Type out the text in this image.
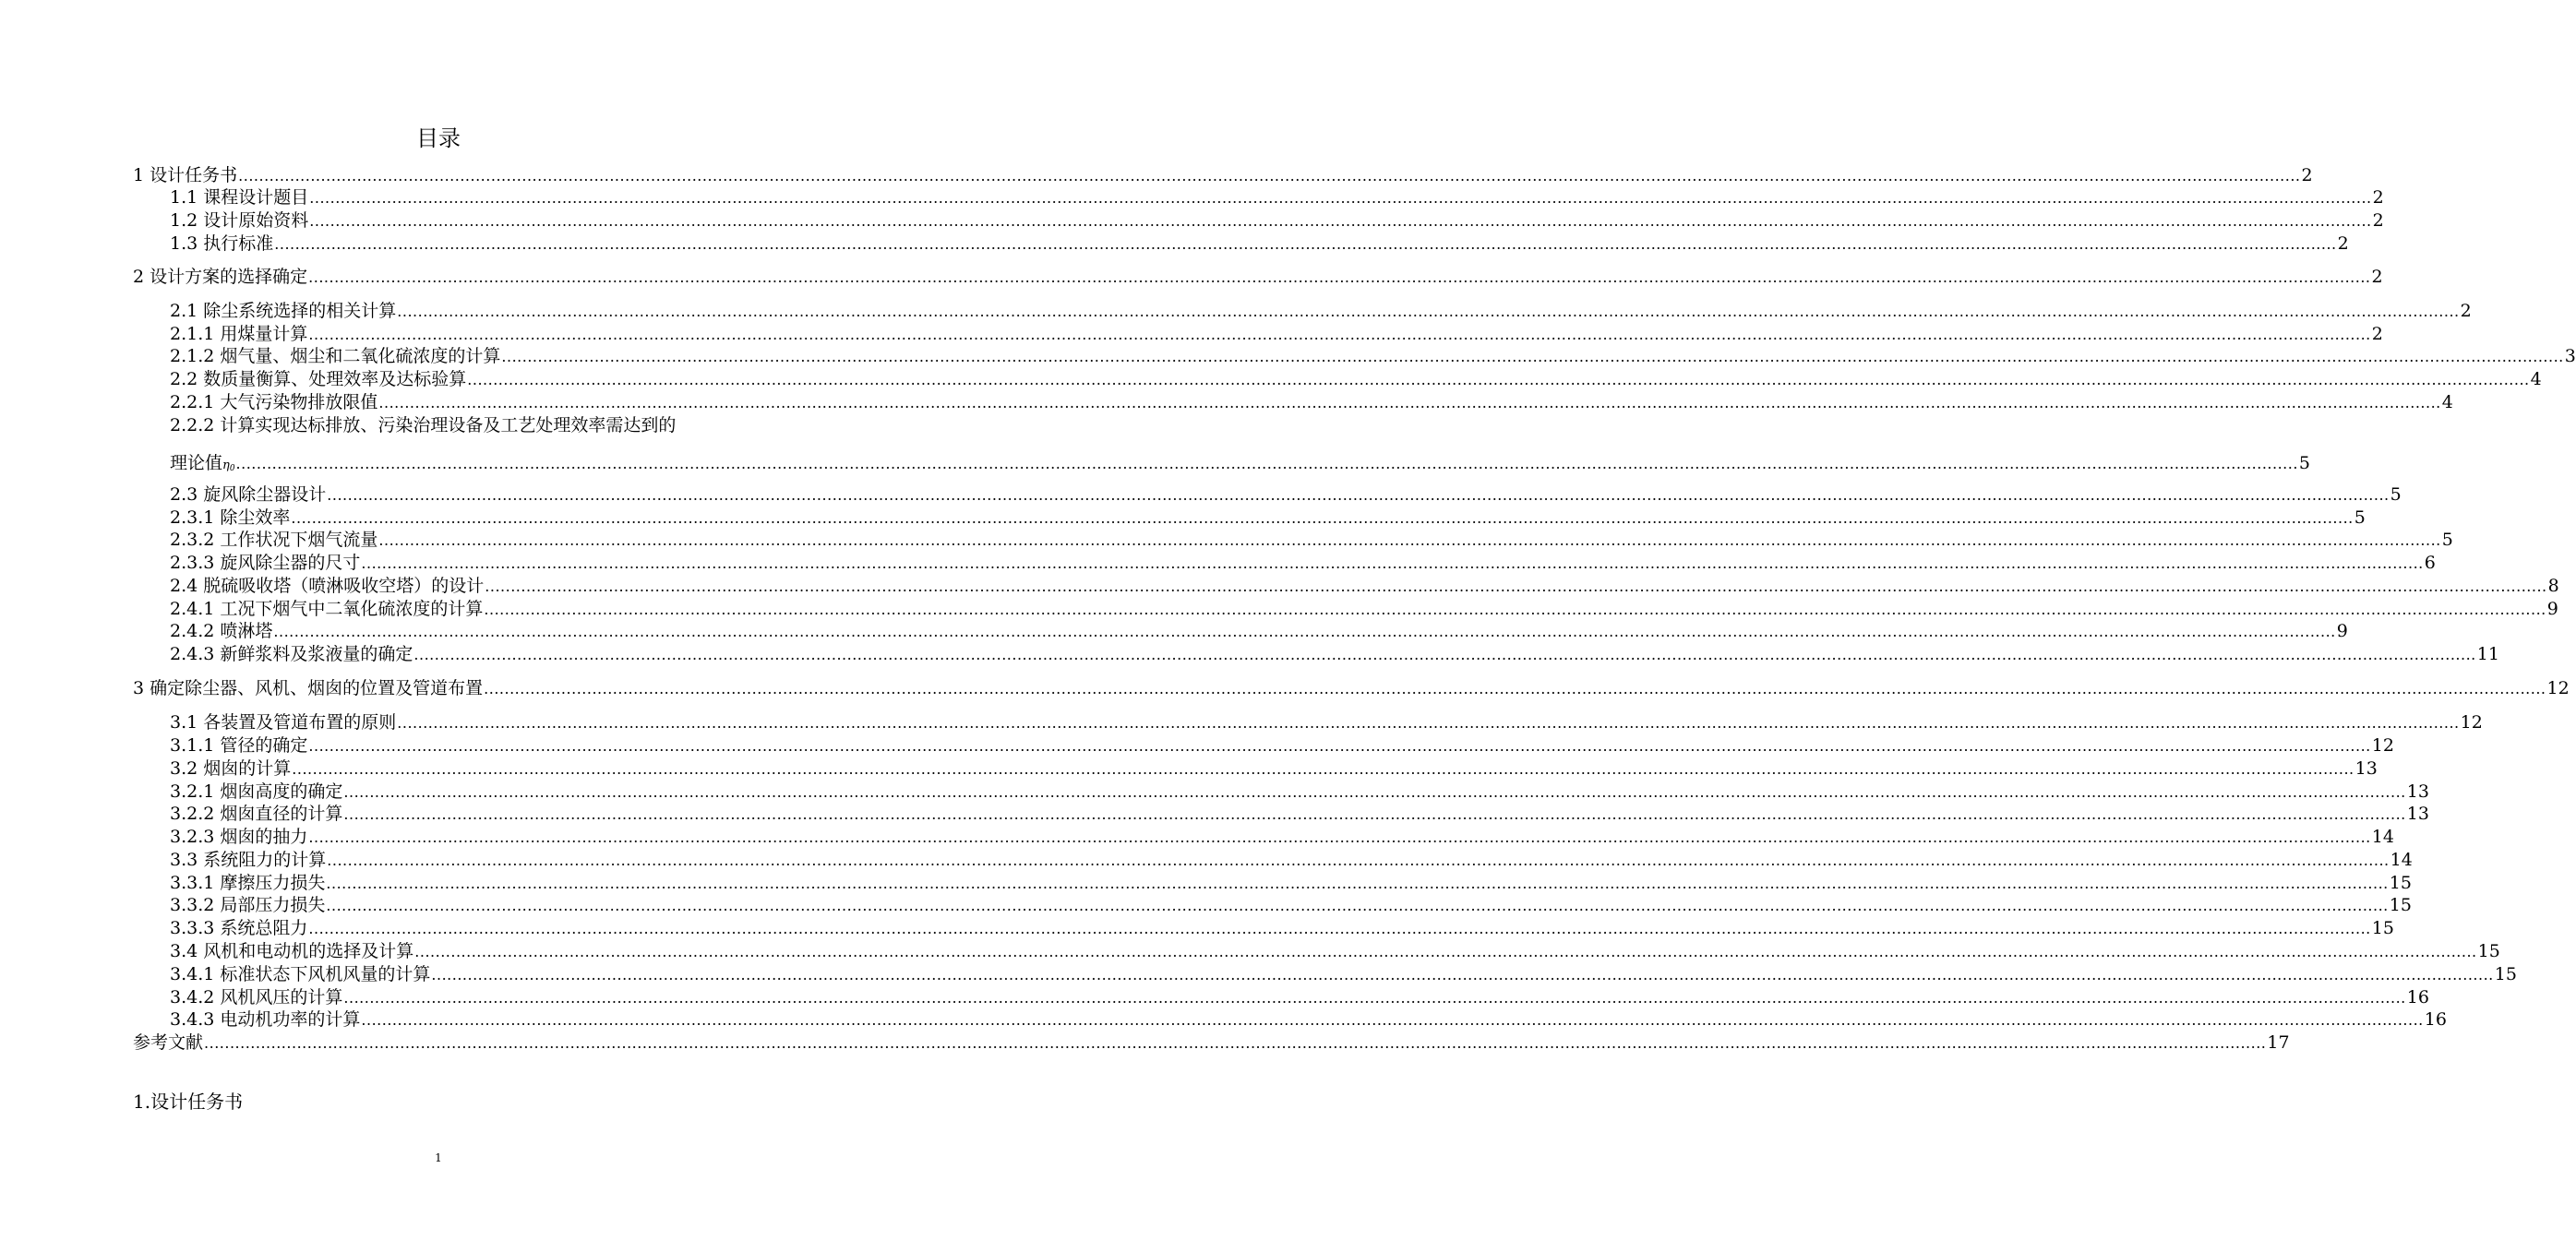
目录
1 设计任务书 ................................................................................................................................................................................................................................................................................................................................................................................................................ 2
1.1 课程设计题目 ................................................................................................................................................................................................................................................................................................................................................................................................................ 2
1.2 设计原始资料 ................................................................................................................................................................................................................................................................................................................................................................................................................ 2
1.3 执行标准 ................................................................................................................................................................................................................................................................................................................................................................................................................ 2
2 设计方案的选择确定 ................................................................................................................................................................................................................................................................................................................................................................................................................ 2
2.1 除尘系统选择的相关计算 ................................................................................................................................................................................................................................................................................................................................................................................................................ 2
2.1.1 用煤量计算 ................................................................................................................................................................................................................................................................................................................................................................................................................ 2
2.1.2 烟气量、烟尘和二氧化硫浓度的计算 ................................................................................................................................................................................................................................................................................................................................................................................................................ 3
2.2 数质量衡算、处理效率及达标验算 ................................................................................................................................................................................................................................................................................................................................................................................................................ 4
2.2.1 大气污染物排放限值 ................................................................................................................................................................................................................................................................................................................................................................................................................ 4
2.2.2 计算实现达标排放、污染治理设备及工艺处理效率需达到的
理论值 $\eta_0$ ................................................................................................................................................................................................................................................................................................................................................................................................................ 5
2.3 旋风除尘器设计 ................................................................................................................................................................................................................................................................................................................................................................................................................ 5
2.3.1 除尘效率 ................................................................................................................................................................................................................................................................................................................................................................................................................ 5
2.3.2 工作状况下烟气流量 ................................................................................................................................................................................................................................................................................................................................................................................................................ 5
2.3.3 旋风除尘器的尺寸 ................................................................................................................................................................................................................................................................................................................................................................................................................ 6
2.4 脱硫吸收塔（喷淋吸收空塔）的设计 ................................................................................................................................................................................................................................................................................................................................................................................................................ 8
2.4.1 工况下烟气中二氧化硫浓度的计算 ................................................................................................................................................................................................................................................................................................................................................................................................................ 9
2.4.2 喷淋塔 ................................................................................................................................................................................................................................................................................................................................................................................................................ 9
2.4.3 新鲜浆料及浆液量的确定 ................................................................................................................................................................................................................................................................................................................................................................................................................ 11
3 确定除尘器、风机、烟囱的位置及管道布置 ................................................................................................................................................................................................................................................................................................................................................................................................................ 12
3.1 各装置及管道布置的原则 ................................................................................................................................................................................................................................................................................................................................................................................................................ 12
3.1.1 管径的确定 ................................................................................................................................................................................................................................................................................................................................................................................................................ 12
3.2 烟囱的计算 ................................................................................................................................................................................................................................................................................................................................................................................................................ 13
3.2.1 烟囱高度的确定 ................................................................................................................................................................................................................................................................................................................................................................................................................ 13
3.2.2 烟囱直径的计算 ................................................................................................................................................................................................................................................................................................................................................................................................................ 13
3.2.3 烟囱的抽力 ................................................................................................................................................................................................................................................................................................................................................................................................................ 14
3.3 系统阻力的计算 ................................................................................................................................................................................................................................................................................................................................................................................................................ 14
3.3.1 摩擦压力损失 ................................................................................................................................................................................................................................................................................................................................................................................................................ 15
3.3.2 局部压力损失 ................................................................................................................................................................................................................................................................................................................................................................................................................ 15
3.3.3 系统总阻力 ................................................................................................................................................................................................................................................................................................................................................................................................................ 15
3.4 风机和电动机的选择及计算 ................................................................................................................................................................................................................................................................................................................................................................................................................ 15
3.4.1 标准状态下风机风量的计算 ................................................................................................................................................................................................................................................................................................................................................................................................................ 15
3.4.2 风机风压的计算 ................................................................................................................................................................................................................................................................................................................................................................................................................ 16
3.4.3 电动机功率的计算 ................................................................................................................................................................................................................................................................................................................................................................................................................ 16
参考文献 ................................................................................................................................................................................................................................................................................................................................................................................................................ 17
1.设计任务书
1
